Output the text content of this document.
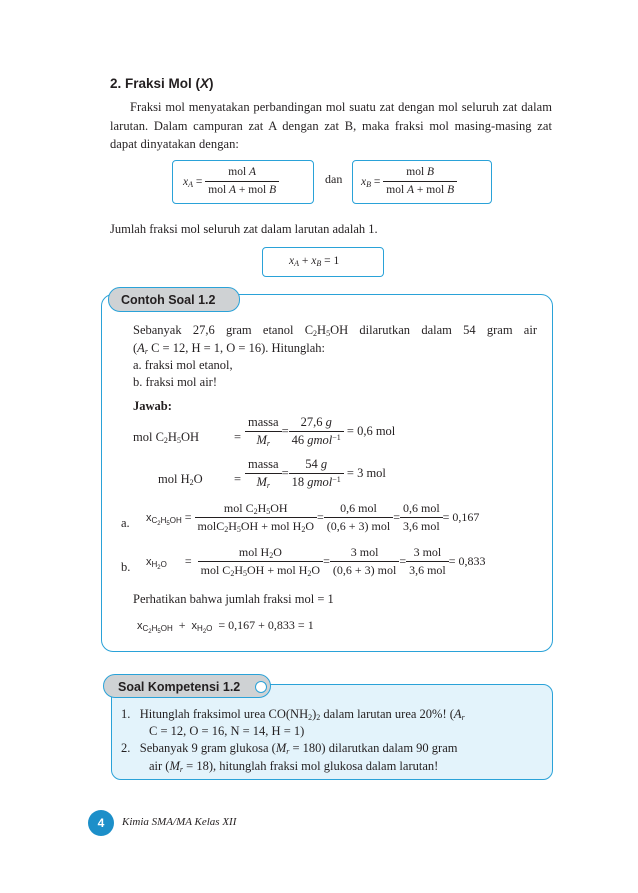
2. Fraksi Mol (X)
Fraksi mol menyatakan perbandingan mol suatu zat dengan mol seluruh zat dalam larutan. Dalam campuran zat A dengan zat B, maka fraksi mol masing-masing zat dapat dinyatakan dengan:
$x_A = \frac{\text{mol A}}{\text{mol A + mol B}}$	dan $x_B = \frac{\text{mol B}}{\text{mol A + mol B}}$
Jumlah fraksi mol seluruh zat dalam larutan adalah 1.
$x_A + x_B = 1$
Contoh Soal 1.2
Sebanyak 27,6 gram etanol $C_2H_5OH$ dilarutkan dalam 54 gram air
($A_r$ C = 12, H = 1, O = 16). Hitunglah:
a. fraksi mol etanol,
b. fraksi mol air!
Jawab:
mol $C_2H_5OH$	= $\frac{\text{massa}}{M_r} = \frac{27,6 g}{46 gmol^{-1}} = 0,6$ mol
mol $H_2O$	= $\frac{\text{massa}}{M_r} = \frac{54 g}{18 gmol^{-1}} = 3$ mol
a. $x_{C_2H_5OH} = \frac{mol C_2H_5OH}{molC_2H_5OH + mol H_2O} = \frac{\text{0,6 mol}}{\text{(0,6 + 3) mol}} = \frac{\text{0,6 mol}}{\text{3,6 mol}} = 0,167$
b. $x_{H_2O} = \frac{mol H_2O}{mol C_2H_5OH + mol H_2O} = \frac{\text{3 mol}}{\text{(0,6 + 3) mol}} = \frac{\text{3 mol}}{\text{3,6 mol}} = 0,833$
Perhatikan bahwa jumlah fraksi mol = 1
$x_{C_2H_5OH} + x_{H_2O} = 0,167 + 0,833 = 1$
Soal Kompetensi 1.2
1.   Hitunglah fraksimol urea $CO(NH_2)_2$ dalam larutan urea 20%! ($A_r$
C = 12, O = 16, N = 14, H = 1)
2.   Sebanyak 9 gram glukosa $(M_r = 180)$ dilarutkan dalam 90 gram
air $(M_r = 18)$, hitunglah fraksi mol glukosa dalam larutan!
4	Kimia SMA/MA Kelas XII
